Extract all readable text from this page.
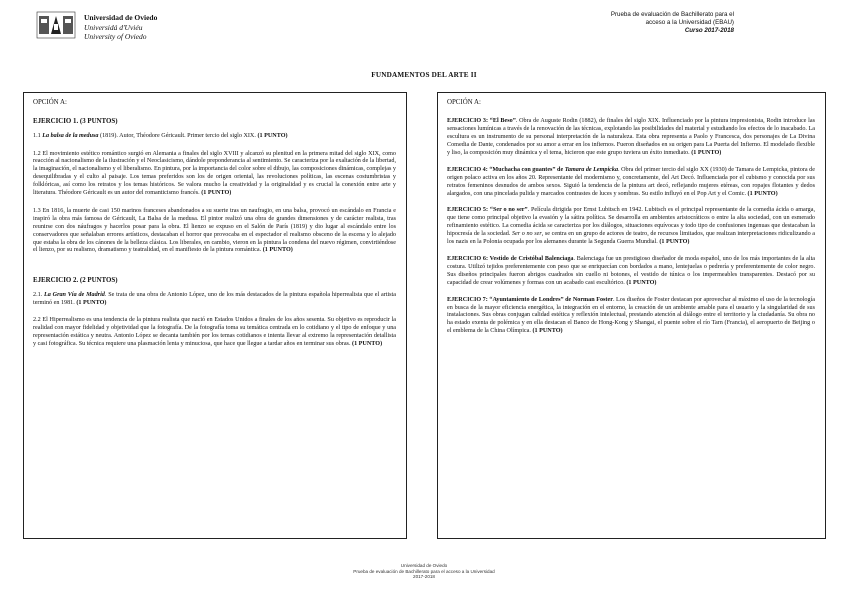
Universidad de Oviedo
Universidá d'Uviéu
University of Oviedo
Prueba de evaluación de Bachillerato para el
acceso a la Universidad (EBAU)
Curso 2017-2018
FUNDAMENTOS DEL ARTE II

OPCIÓN A:

EJERCICIO 1. (3 PUNTOS)

1.1 La balsa de la medusa (1819). Autor, Théodore Géricault. Primer tercio del siglo XIX. (1 PUNTO)

1.2 El movimiento estético romántico surgió en Alemania a finales del siglo XVIII y alcanzó su plenitud en la primera mitad del siglo XIX, como reacción al nacionalismo de la ilustración y el Neoclasicismo, dándole preponderancia al sentimiento. Se caracteriza por la exaltación de la libertad, la imaginación, el nacionalismo y el liberalismo. En pintura, por la importancia del color sobre el dibujo, las composiciones dinámicas, complejas y desequilibradas y el culto al paisaje. Los temas preferidos son los de origen oriental, las revoluciones políticas, las escenas costumbristas y folklóricas, así como los retratos y los temas históricos. Se valora mucho la creatividad y la originalidad y es crucial la conexión entre arte y literatura. Théodore Géricault es un autor del romanticismo francés. (1 PUNTO)

1.3 En 1816, la muerte de casi 150 marinos franceses abandonados a su suerte tras un naufragio, en una balsa, provocó un escándalo en Francia e inspiró la obra más famosa de Géricault, La Balsa de la medusa. El pintor realizó una obra de grandes dimensiones y de carácter realista, tras reunirse con dos náufragos y hacerlos posar para la obra. El lienzo se expuso en el Salón de París (1819) y dio lugar al escándalo entre los conservadores que señalaban errores artísticos, destacaban el horror que provocaba en el espectador el realismo obsceno de la escena y lo alejado que estaba la obra de los cánones de la belleza clásica. Los liberales, en cambio, vieron en la pintura la condena del nuevo régimen, convirtiéndose el lienzo, por su realismo, dramatismo y teatralidad, en el manifiesto de la pintura romántica. (1 PUNTO)

EJERCICIO 2. (2 PUNTOS)

2.1. La Gran Vía de Madrid. Se trata de una obra de Antonio López, uno de los más destacados de la pintura española hiperrealista que el artista terminó en 1981. (1 PUNTO)

2.2 El Hiperrealismo es una tendencia de la pintura realista que nació en Estados Unidos a finales de los años sesenta. Su objetivo es reproducir la realidad con mayor fidelidad y objetividad que la fotografía. De la fotografía toma su temática centrada en lo cotidiano y el tipo de enfoque y una representación estática y neutra. Antonio López se decanta también por los temas cotidianos e intenta llevar al extremo la representación detallista y casi fotográfica. Su técnica requiere una plasmación lenta y minuciosa, que hace que llegue a tardar años en terminar sus obras. (1 PUNTO)

OPCIÓN A:

EJERCICIO 3: “El Beso”. Obra de Auguste Rodin (1882), de finales del siglo XIX. Influenciado por la pintura impresionista, Rodin introduce las sensaciones lumínicas a través de la renovación de las técnicas, explotando las posibilidades del material y estudiando los efectos de lo inacabado. La escultura es un instrumento de su personal interpretación de la naturaleza. Esta obra representa a Paolo y Francesca, dos personajes de La Divina Comedia de Dante, condenados por su amor a errar en los infiernos. Fueron diseñados en su origen para La Puerta del Infierno. El modelado flexible y liso, la composición muy dinámica y el tema, hicieron que este grupo tuviera un éxito inmediato. (1 PUNTO)

EJERCICIO 4: “Muchacha con guantes” de Tamara de Lempicka. Obra del primer tercio del siglo XX (1930) de Tamara de Lempicka, pintora de origen polaco activa en los años 20. Representante del modernismo y, concretamente, del Art Decó. Influenciada por el cubismo y conocida por sus retratos femeninos desnudos de ambos sexos. Siguió la tendencia de la pintura art decó, reflejando mujeres etéreas, con ropajes flotantes y dedos alargados, con una pincelada pulida y marcados contrastes de luces y sombras. Su estilo influyó en el Pop Art y el Comic. (1 PUNTO)

EJERCICIO 5: “Ser o no ser”. Película dirigida por Ernst Lubitsch en 1942. Lubitsch es el principal representante de la comedia ácida o amarga, que tiene como principal objetivo la evasión y la sátira política. Se desarrolla en ambientes aristocráticos o entre la alta sociedad, con un esmerado refinamiento estético. La comedia ácida se caracteriza por los diálogos, situaciones equívocas y todo tipo de confusiones ingenuas que destacaban la hipocresía de la sociedad. Ser o no ser, se centra en un grupo de actores de teatro, de recursos limitados, que realizan interpretaciones ridiculizando a los nazis en la Polonia ocupada por los alemanes durante la Segunda Guerra Mundial. (1 PUNTO)

EJERCICIO 6: Vestido de Cristóbal Balenciaga. Balenciaga fue un prestigioso diseñador de moda español, uno de los más importantes de la alta costura. Utilizó tejidos preferentemente con peso que se enriquecían con bordados a mano, lentejuelas o pedrería y preferentemente de color negro. Sus diseños principales fueron abrigos cuadrados sin cuello ni botones, el vestido de túnica o los impermeables transparentes. Destacó por su capacidad de crear volúmenes y formas con un acabado casi escultórico. (1 PUNTO)

EJERCICIO 7: “Ayuntamiento de Londres” de Norman Foster. Los diseños de Foster destacan por aprovechar al máximo el uso de la tecnología en busca de la mayor eficiencia energética, la integración en el entorno, la creación de un ambiente amable para el usuario y la singularidad de sus instalaciones. Sus obras conjugan calidad estética y reflexión intelectual, prestando atención al diálogo entre el territorio y la ciudadanía. Su obra no ha estado exenta de polémica y en ella destacan el Banco de Hong-Kong y Shangai, el puente sobre el río Tarn (Francia), el aeropuerto de Beijing o el emblema de la China Olímpica. (1 PUNTO)

Universidad de Oviedo
Prueba de evaluación de Bachillerato para el acceso a la Universidad
2017-2018
